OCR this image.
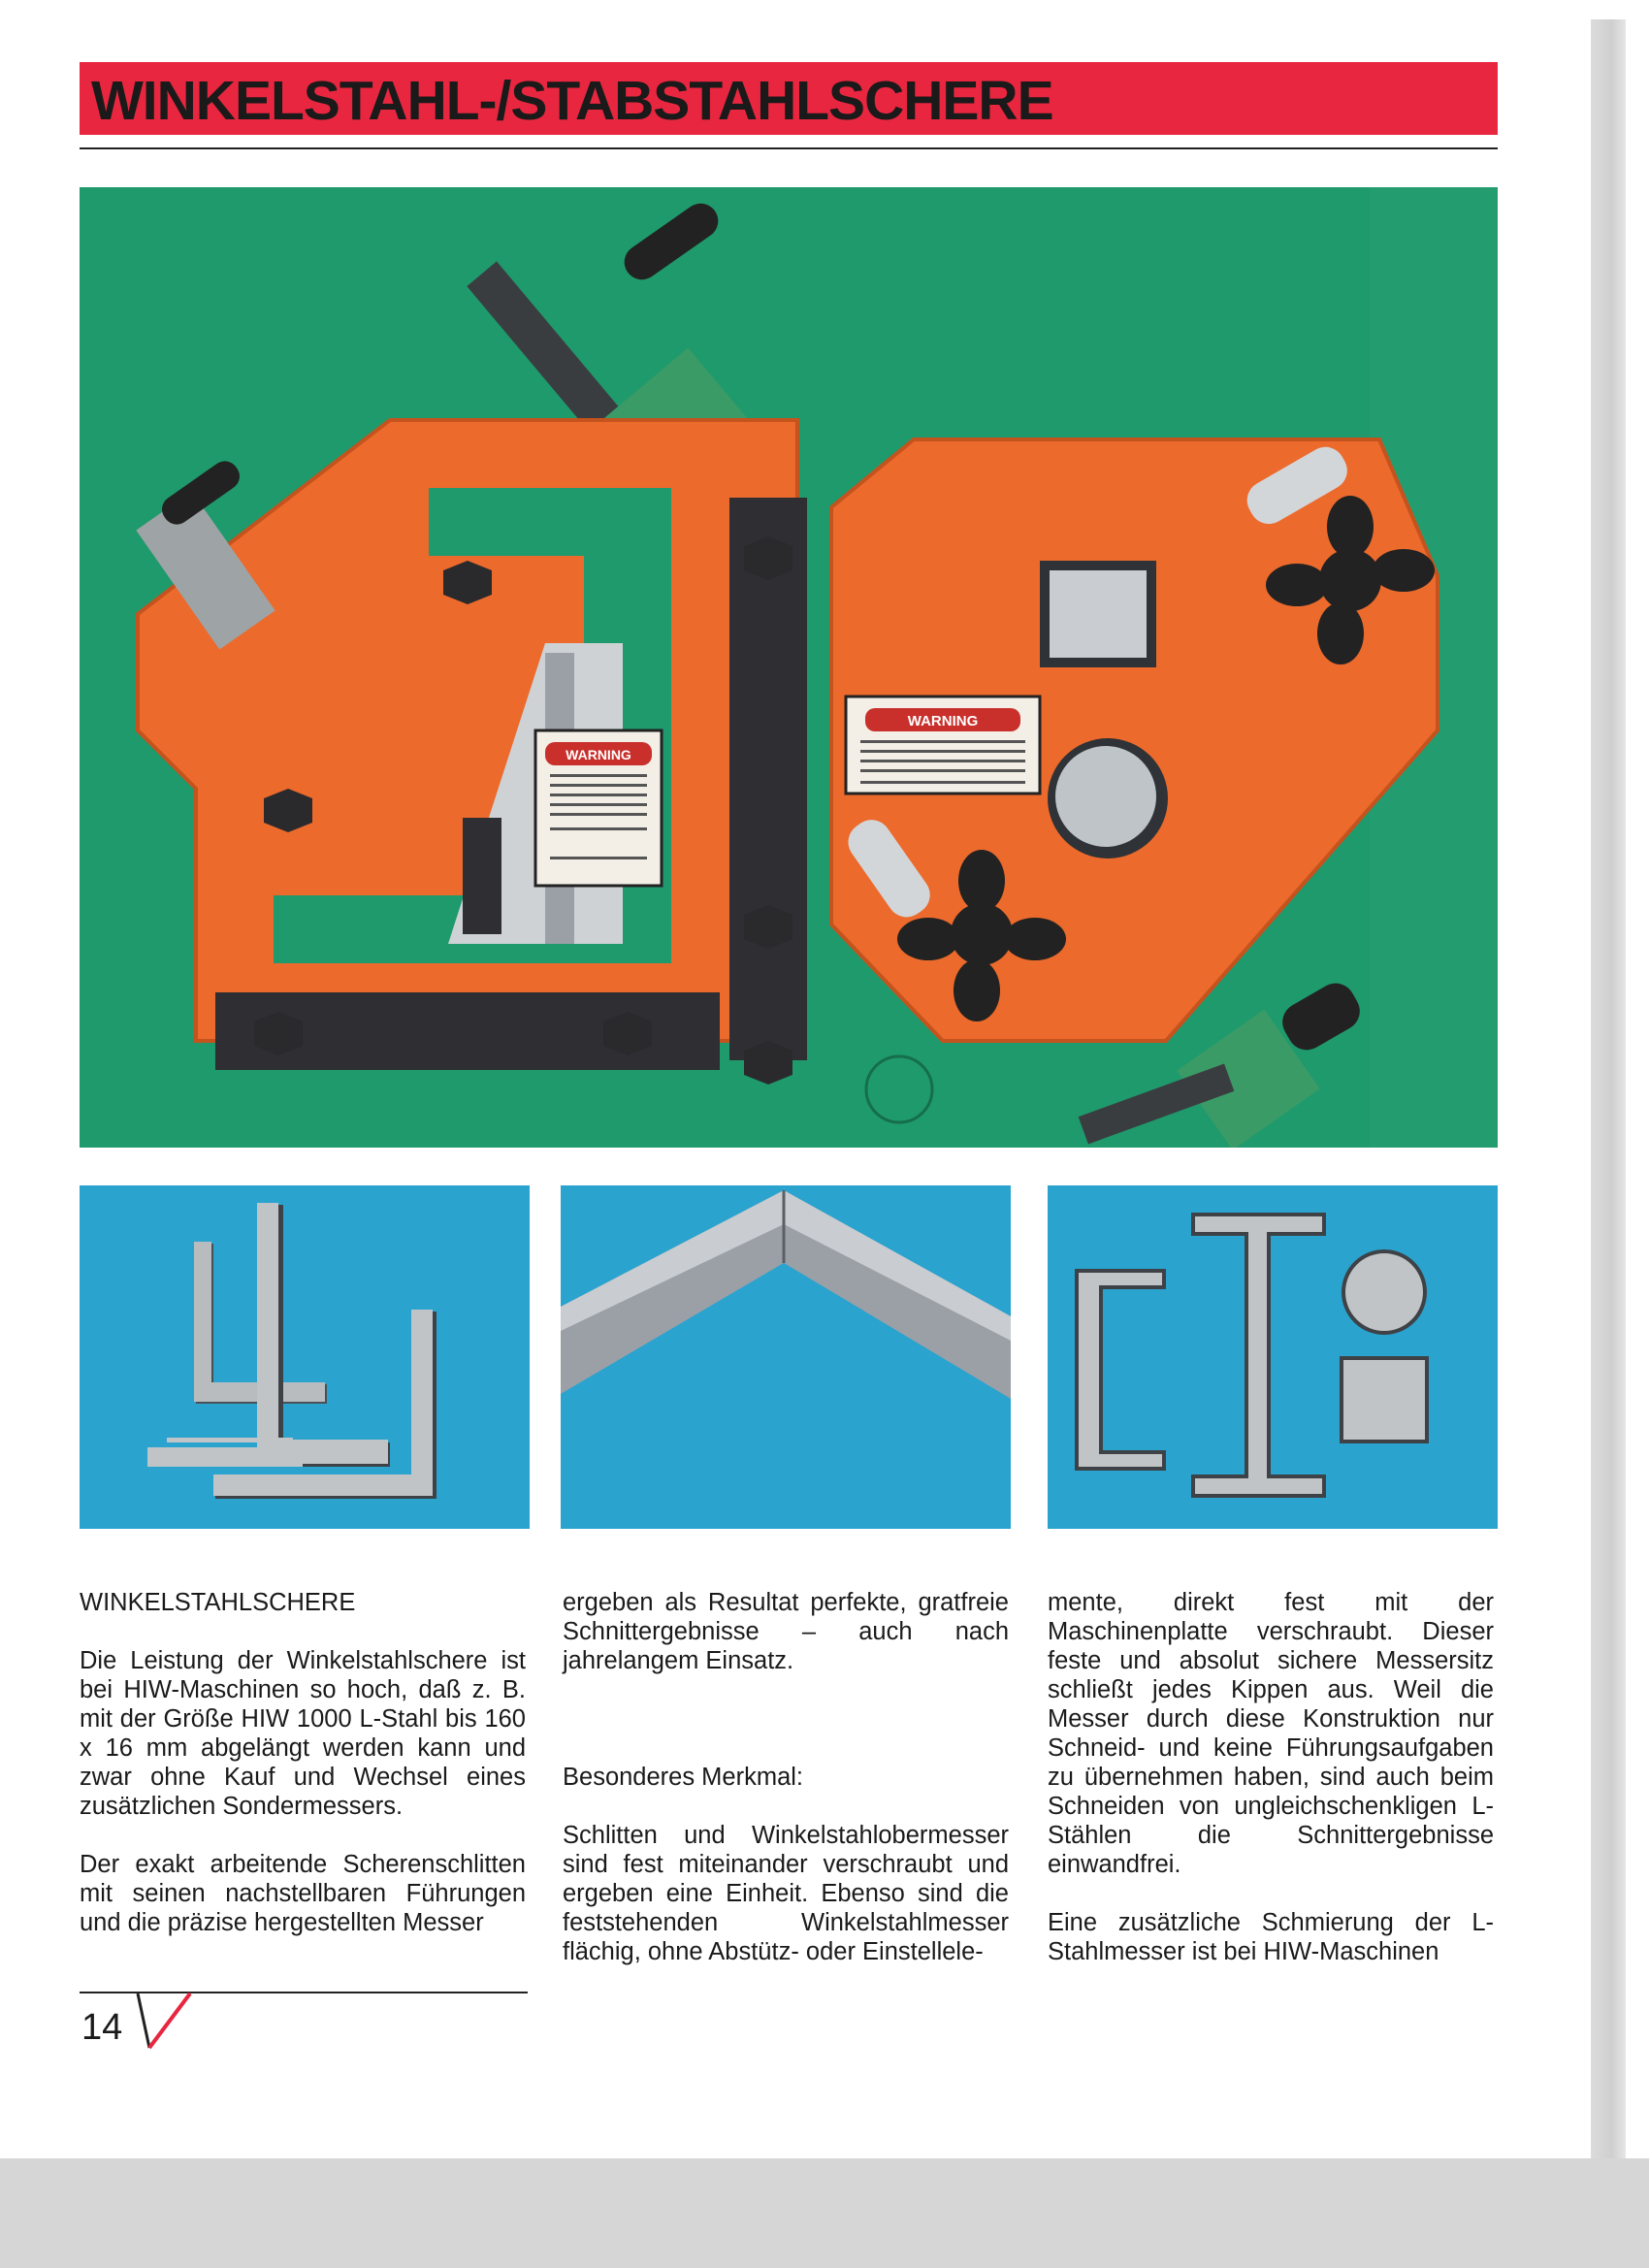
WINKELSTAHL-/STABSTAHLSCHERE
WARNING
WARNING

WINKELSTAHLSCHERE

Die Leistung der Winkelstahlschere ist bei HIW-Maschinen so hoch, daß z. B. mit der Größe HIW 1000 L-Stahl bis 160 x 16 mm abgelängt werden kann und zwar ohne Kauf und Wechsel eines zusätzlichen Sondermessers.

Der exakt arbeitende Scherenschlitten mit seinen nachstellbaren Führungen und die präzise hergestellten Messer

ergeben als Resultat perfekte, gratfreie Schnittergebnisse – auch nach jahrelangem Einsatz.

Besonderes Merkmal:

Schlitten und Winkelstahlobermesser sind fest miteinander verschraubt und ergeben eine Einheit. Ebenso sind die feststehenden Winkelstahlmesser flächig, ohne Abstütz- oder Einstellele-

mente, direkt fest mit der Maschinenplatte verschraubt. Dieser feste und absolut sichere Messersitz schließt jedes Kippen aus. Weil die Messer durch diese Konstruktion nur Schneid- und keine Führungsaufgaben zu übernehmen haben, sind auch beim Schneiden von ungleichschenkligen L-Stählen die Schnittergebnisse einwandfrei.

Eine zusätzliche Schmierung der L-Stahlmesser ist bei HIW-Maschinen

14
